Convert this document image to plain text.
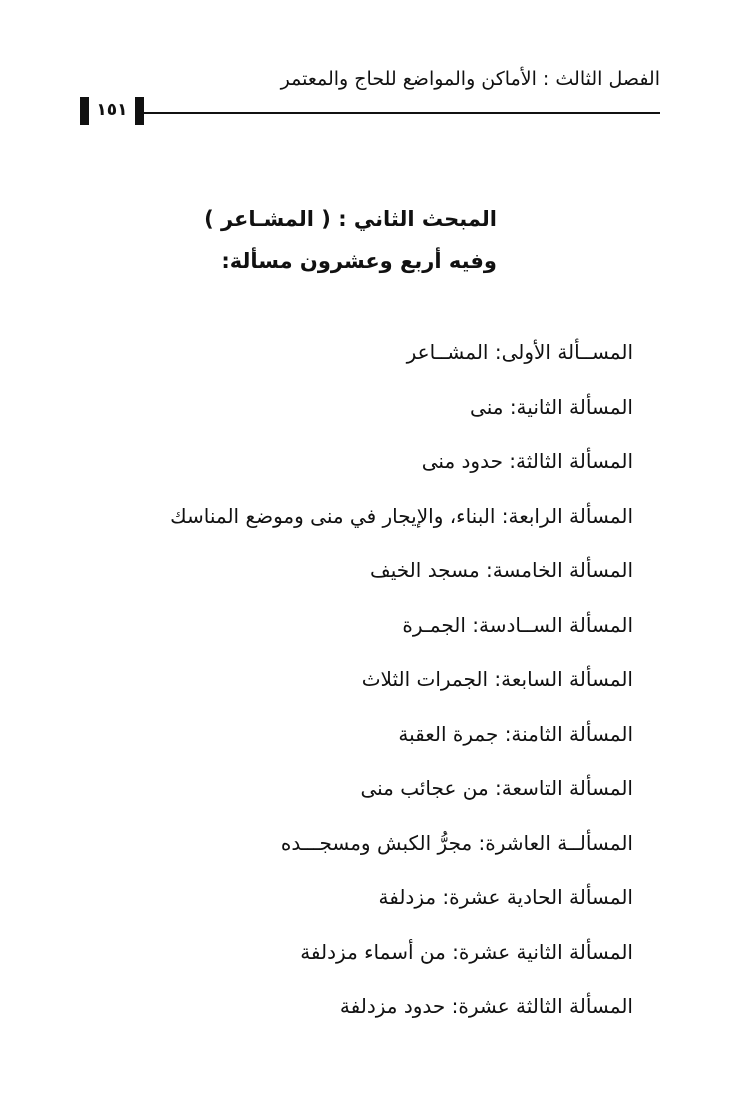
الفصل الثالث : الأماكن والمواضع للحاج والمعتمر
١٥١
المبحث الثاني : ( المشـاعر )
وفيه أربع وعشرون مسألة:
المســألة الأولى: المشــاعر
المسألة الثانية: منى
المسألة الثالثة: حدود منى
المسألة الرابعة: البناء، والإيجار في منى وموضع المناسك
المسألة الخامسة: مسجد الخيف
المسألة الســادسة: الجمـرة
المسألة السابعة: الجمرات الثلاث
المسألة الثامنة: جمرة العقبة
المسألة التاسعة: من عجائب منى
المسألــة العاشرة: مجرُّ الكبش ومسجـــده
المسألة الحادية عشرة: مزدلفة
المسألة الثانية عشرة: من أسماء مزدلفة
المسألة الثالثة عشرة: حدود مزدلفة
